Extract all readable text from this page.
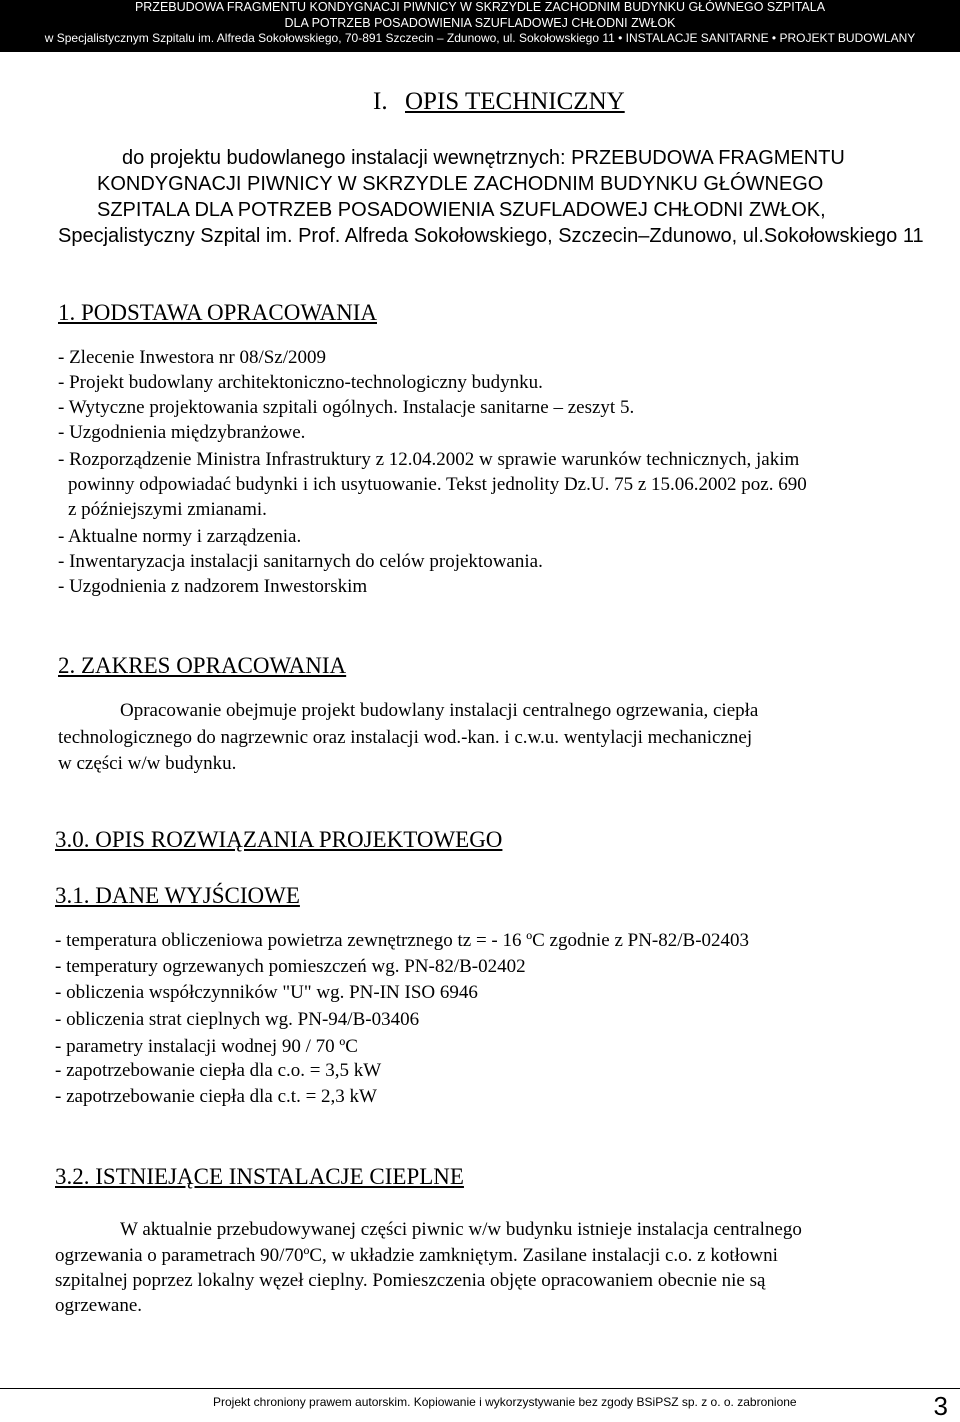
PRZEBUDOWA FRAGMENTU KONDYGNACJI PIWNICY W SKRZYDLE ZACHODNIM BUDYNKU GŁÓWNEGO SZPITALA
DLA POTRZEB POSADOWIENIA SZUFLADOWEJ CHŁODNI ZWŁOK
w Specjalistycznym Szpitalu im. Alfreda Sokołowskiego, 70-891 Szczecin – Zdunowo, ul. Sokołowskiego 11 • INSTALACJE SANITARNE • PROJEKT BUDOWLANY
I. OPIS TECHNICZNY
do projektu budowlanego instalacji wewnętrznych: PRZEBUDOWA FRAGMENTU
KONDYGNACJI PIWNICY W SKRZYDLE ZACHODNIM BUDYNKU GŁÓWNEGO
SZPITALA DLA POTRZEB POSADOWIENIA SZUFLADOWEJ CHŁODNI ZWŁOK,
Specjalistyczny Szpital im. Prof. Alfreda Sokołowskiego, Szczecin–Zdunowo, ul.Sokołowskiego 11
1. PODSTAWA OPRACOWANIA
- Zlecenie Inwestora nr 08/Sz/2009
- Projekt budowlany architektoniczno-technologiczny budynku.
- Wytyczne projektowania szpitali ogólnych. Instalacje sanitarne – zeszyt 5.
- Uzgodnienia międzybranżowe.
- Rozporządzenie Ministra Infrastruktury z 12.04.2002 w sprawie warunków technicznych, jakim
powinny odpowiadać budynki i ich usytuowanie. Tekst jednolity Dz.U. 75 z 15.06.2002 poz. 690
z późniejszymi zmianami.
- Aktualne normy i zarządzenia.
- Inwentaryzacja instalacji sanitarnych do celów projektowania.
- Uzgodnienia z nadzorem Inwestorskim
2. ZAKRES OPRACOWANIA
Opracowanie obejmuje projekt budowlany instalacji centralnego ogrzewania, ciepła
technologicznego do nagrzewnic oraz instalacji wod.-kan. i c.w.u. wentylacji mechanicznej
w części w/w budynku.
3.0. OPIS ROZWIĄZANIA PROJEKTOWEGO
3.1. DANE WYJŚCIOWE
- temperatura obliczeniowa powietrza zewnętrznego tz = - 16 ºC zgodnie z PN-82/B-02403
- temperatury ogrzewanych pomieszczeń wg. PN-82/B-02402
- obliczenia współczynników "U" wg. PN-IN ISO 6946
- obliczenia strat cieplnych wg. PN-94/B-03406
- parametry instalacji wodnej 90 / 70 ºC
- zapotrzebowanie ciepła dla c.o. = 3,5 kW
- zapotrzebowanie ciepła dla c.t. = 2,3 kW
3.2. ISTNIEJĄCE INSTALACJE CIEPLNE
W aktualnie przebudowywanej części piwnic w/w budynku istnieje instalacja centralnego
ogrzewania o parametrach 90/70ºC, w układzie zamkniętym. Zasilane instalacji c.o. z kotłowni
szpitalnej poprzez lokalny węzeł cieplny. Pomieszczenia objęte opracowaniem obecnie nie są
ogrzewane.
Projekt chroniony prawem autorskim. Kopiowanie i wykorzystywanie bez zgody BSiPSZ sp. z o. o. zabronione	3
